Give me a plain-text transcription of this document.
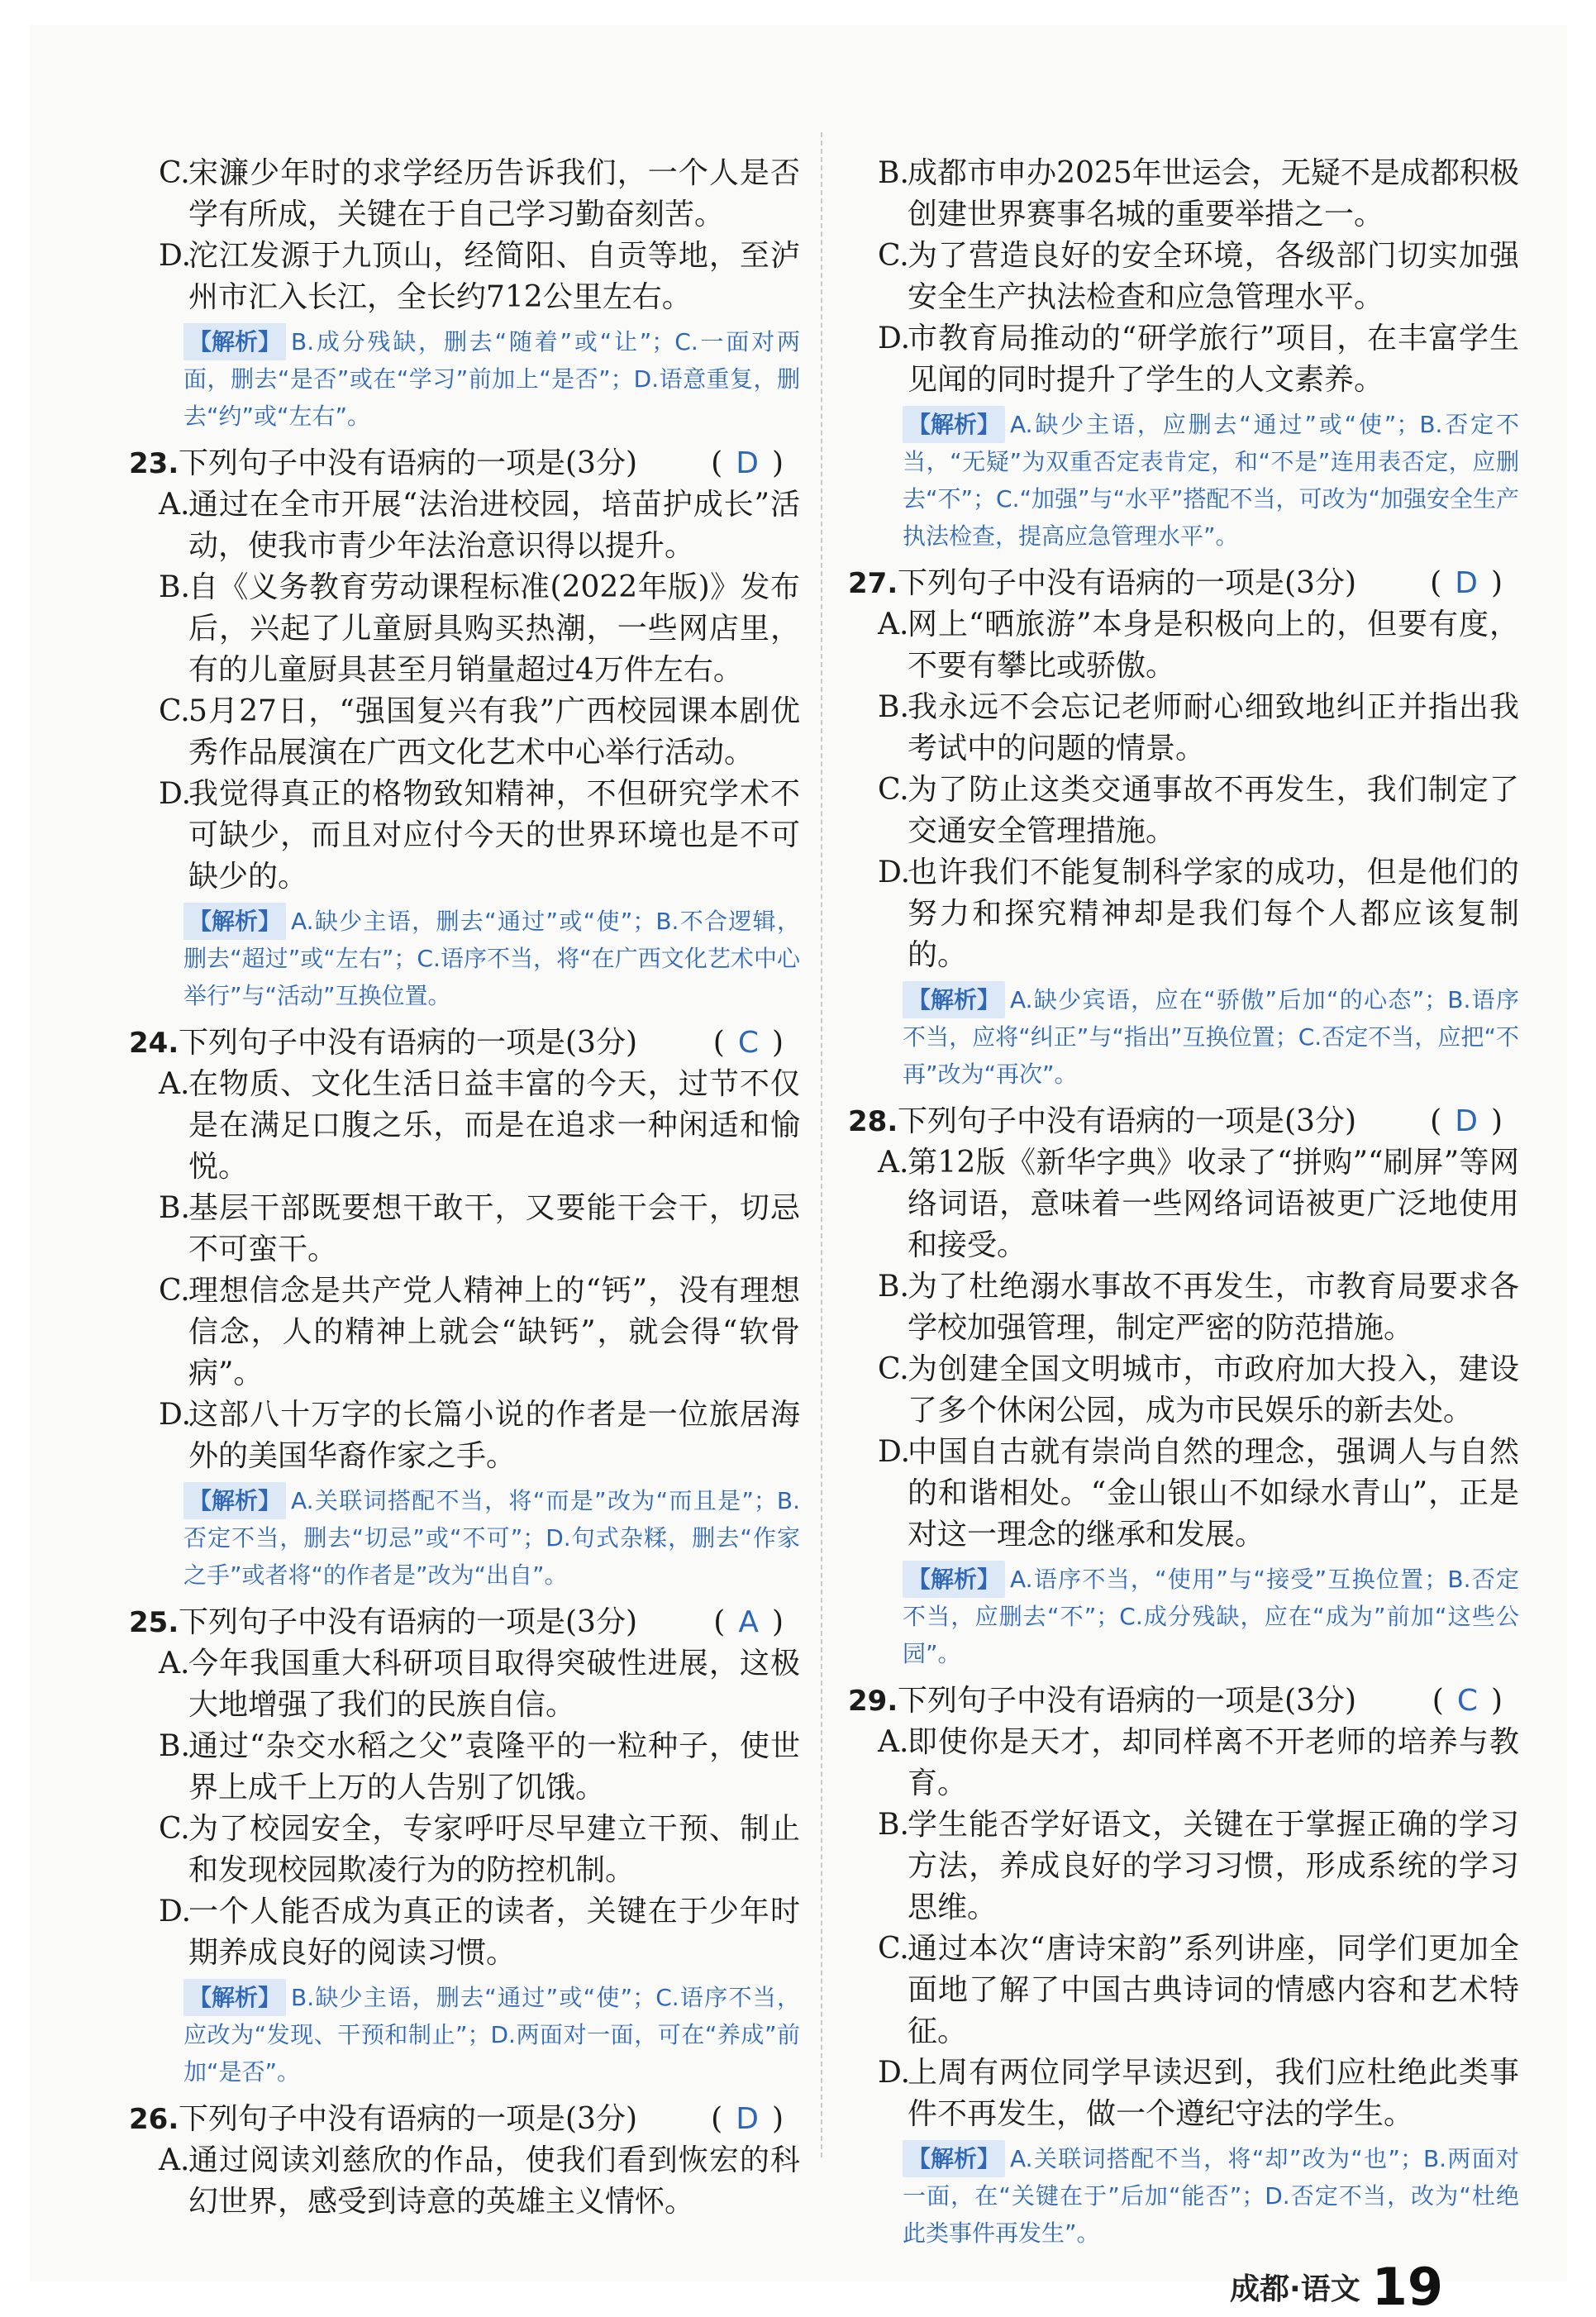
C.
宋濂少年时的求学经历告诉我们，一个人是否学有所成，关键在于自己学习勤奋刻苦。
D.
沱江发源于九顶山，经简阳、自贡等地，至泸州市汇入长江，全长约712公里左右。
【解析】 B.成分残缺，删去“随着”或“让”；C.一面对两面，删去“是否”或在“学习”前加上“是否”；D.语意重复，删去“约”或“左右”。
23. 下列句子中没有语病的一项是(3分) ( D )
A.
通过在全市开展“法治进校园，培苗护成长”活动，使我市青少年法治意识得以提升。
B.
自《义务教育劳动课程标准(2022年版)》发布后，兴起了儿童厨具购买热潮，一些网店里，有的儿童厨具甚至月销量超过4万件左右。
C.
5月27日，“强国复兴有我”广西校园课本剧优秀作品展演在广西文化艺术中心举行活动。
D.
我觉得真正的格物致知精神，不但研究学术不可缺少，而且对应付今天的世界环境也是不可缺少的。
【解析】 A.缺少主语，删去“通过”或“使”；B.不合逻辑，删去“超过”或“左右”；C.语序不当，将“在广西文化艺术中心举行”与“活动”互换位置。
24. 下列句子中没有语病的一项是(3分)	( C )
A.
在物质、文化生活日益丰富的今天，过节不仅是在满足口腹之乐，而是在追求一种闲适和愉悦。
B.
基层干部既要想干敢干，又要能干会干，切忌不可蛮干。
C.
理想信念是共产党人精神上的“钙”，没有理想信念，人的精神上就会“缺钙”，就会得“软骨病”。
D.
这部八十万字的长篇小说的作者是一位旅居海外的美国华裔作家之手。
【解析】 A.关联词搭配不当，将“而是”改为“而且是”；B.否定不当，删去“切忌”或“不可”；D.句式杂糅，删去“作家之手”或者将“的作者是”改为“出自”。
25. 下列句子中没有语病的一项是(3分)	( A )
A.
今年我国重大科研项目取得突破性进展，这极大地增强了我们的民族自信。
B.
通过“杂交水稻之父”袁隆平的一粒种子，使世界上成千上万的人告别了饥饿。
C.
为了校园安全，专家呼吁尽早建立干预、制止和发现校园欺凌行为的防控机制。
D.
一个人能否成为真正的读者，关键在于少年时期养成良好的阅读习惯。
【解析】 B.缺少主语，删去“通过”或“使”；C.语序不当，应改为“发现、干预和制止”；D.两面对一面，可在“养成”前加“是否”。
26. 下列句子中没有语病的一项是(3分) ( D )
A.
通过阅读刘慈欣的作品，使我们看到恢宏的科幻世界，感受到诗意的英雄主义情怀。
B.
成都市申办2025年世运会，无疑不是成都积极创建世界赛事名城的重要举措之一。
C.
为了营造良好的安全环境，各级部门切实加强安全生产执法检查和应急管理水平。
D.
市教育局推动的“研学旅行”项目，在丰富学生见闻的同时提升了学生的人文素养。
【解析】 A.缺少主语，应删去“通过”或“使”；B.否定不当，“无疑”为双重否定表肯定，和“不是”连用表否定，应删去“不”；C.“加强”与“水平”搭配不当，可改为“加强安全生产执法检查，提高应急管理水平”。
27. 下列句子中没有语病的一项是(3分) ( D )
A.
网上“晒旅游”本身是积极向上的，但要有度，不要有攀比或骄傲。
B.
我永远不会忘记老师耐心细致地纠正并指出我考试中的问题的情景。
C.
为了防止这类交通事故不再发生，我们制定了交通安全管理措施。
D.
也许我们不能复制科学家的成功，但是他们的努力和探究精神却是我们每个人都应该复制的。
【解析】 A.缺少宾语，应在“骄傲”后加“的心态”；B.语序不当，应将“纠正”与“指出”互换位置；C.否定不当，应把“不再”改为“再次”。
28. 下列句子中没有语病的一项是(3分) ( D )
A.
第12版《新华字典》收录了“拼购”“刷屏”等网络词语，意味着一些网络词语被更广泛地使用和接受。
B.
为了杜绝溺水事故不再发生，市教育局要求各学校加强管理，制定严密的防范措施。
C.
为创建全国文明城市，市政府加大投入，建设了多个休闲公园，成为市民娱乐的新去处。
D.
中国自古就有崇尚自然的理念，强调人与自然的和谐相处。“金山银山不如绿水青山”，正是对这一理念的继承和发展。
【解析】 A.语序不当，“使用”与“接受”互换位置；B.否定不当，应删去“不”；C.成分残缺，应在“成为”前加“这些公园”。
29. 下列句子中没有语病的一项是(3分)	( C )
A.
即使你是天才，却同样离不开老师的培养与教育。
B.
学生能否学好语文，关键在于掌握正确的学习方法，养成良好的学习习惯，形成系统的学习思维。
C.
通过本次“唐诗宋韵”系列讲座，同学们更加全面地了解了中国古典诗词的情感内容和艺术特征。
D.
上周有两位同学早读迟到，我们应杜绝此类事件不再发生，做一个遵纪守法的学生。
【解析】 A.关联词搭配不当，将“却”改为“也”；B.两面对一面，在“关键在于”后加“能否”；D.否定不当，改为“杜绝此类事件再发生”。
成都·语文 19
